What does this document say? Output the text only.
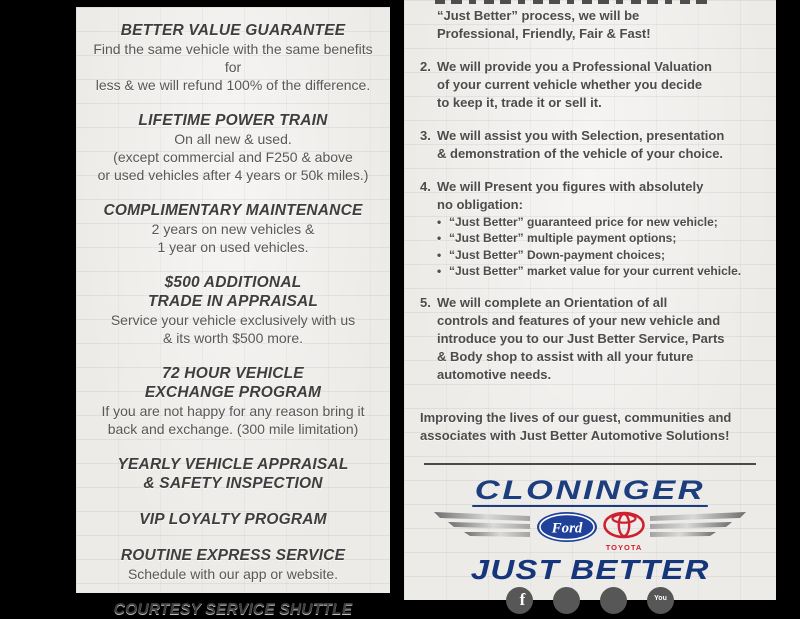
BETTER VALUE GUARANTEE
Find the same vehicle with the same benefits for
less & we will refund 100% of the difference.
LIFETIME POWER TRAIN
On all new & used.
(except commercial and F250 & above
or used vehicles after 4 years or 50k miles.)
COMPLIMENTARY MAINTENANCE
2 years on new vehicles &
1 year on used vehicles.
$500 ADDITIONAL
TRADE IN APPRAISAL
Service your vehicle exclusively with us
& its worth $500 more.
72 HOUR VEHICLE
EXCHANGE PROGRAM
If you are not happy for any reason bring it
back and exchange. (300 mile limitation)
YEARLY VEHICLE APPRAISAL
& SAFETY INSPECTION
VIP LOYALTY PROGRAM
ROUTINE EXPRESS SERVICE
Schedule with our app or website.
COURTESY SERVICE SHUTTLE
“Just Better” process, we will be
Professional, Friendly, Fair & Fast!
2. We will provide you a Professional Valuation
of your current vehicle whether you decide
to keep it, trade it or sell it.
3. We will assist you with Selection, presentation
& demonstration of the vehicle of your choice.
4. We will Present you figures with absolutely
no obligation:
• “Just Better” guaranteed price for new vehicle;
• “Just Better” multiple payment options;
• “Just Better” Down-payment choices;
• “Just Better” market value for your current vehicle.
5. We will complete an Orientation of all
controls and features of your new vehicle and
introduce you to our Just Better Service, Parts
& Body shop to assist with all your future
automotive needs.
Improving the lives of our guest, communities and
associates with Just Better Automotive Solutions!
CLONINGER
Ford
TOYOTA
JUST BETTER
f	You
